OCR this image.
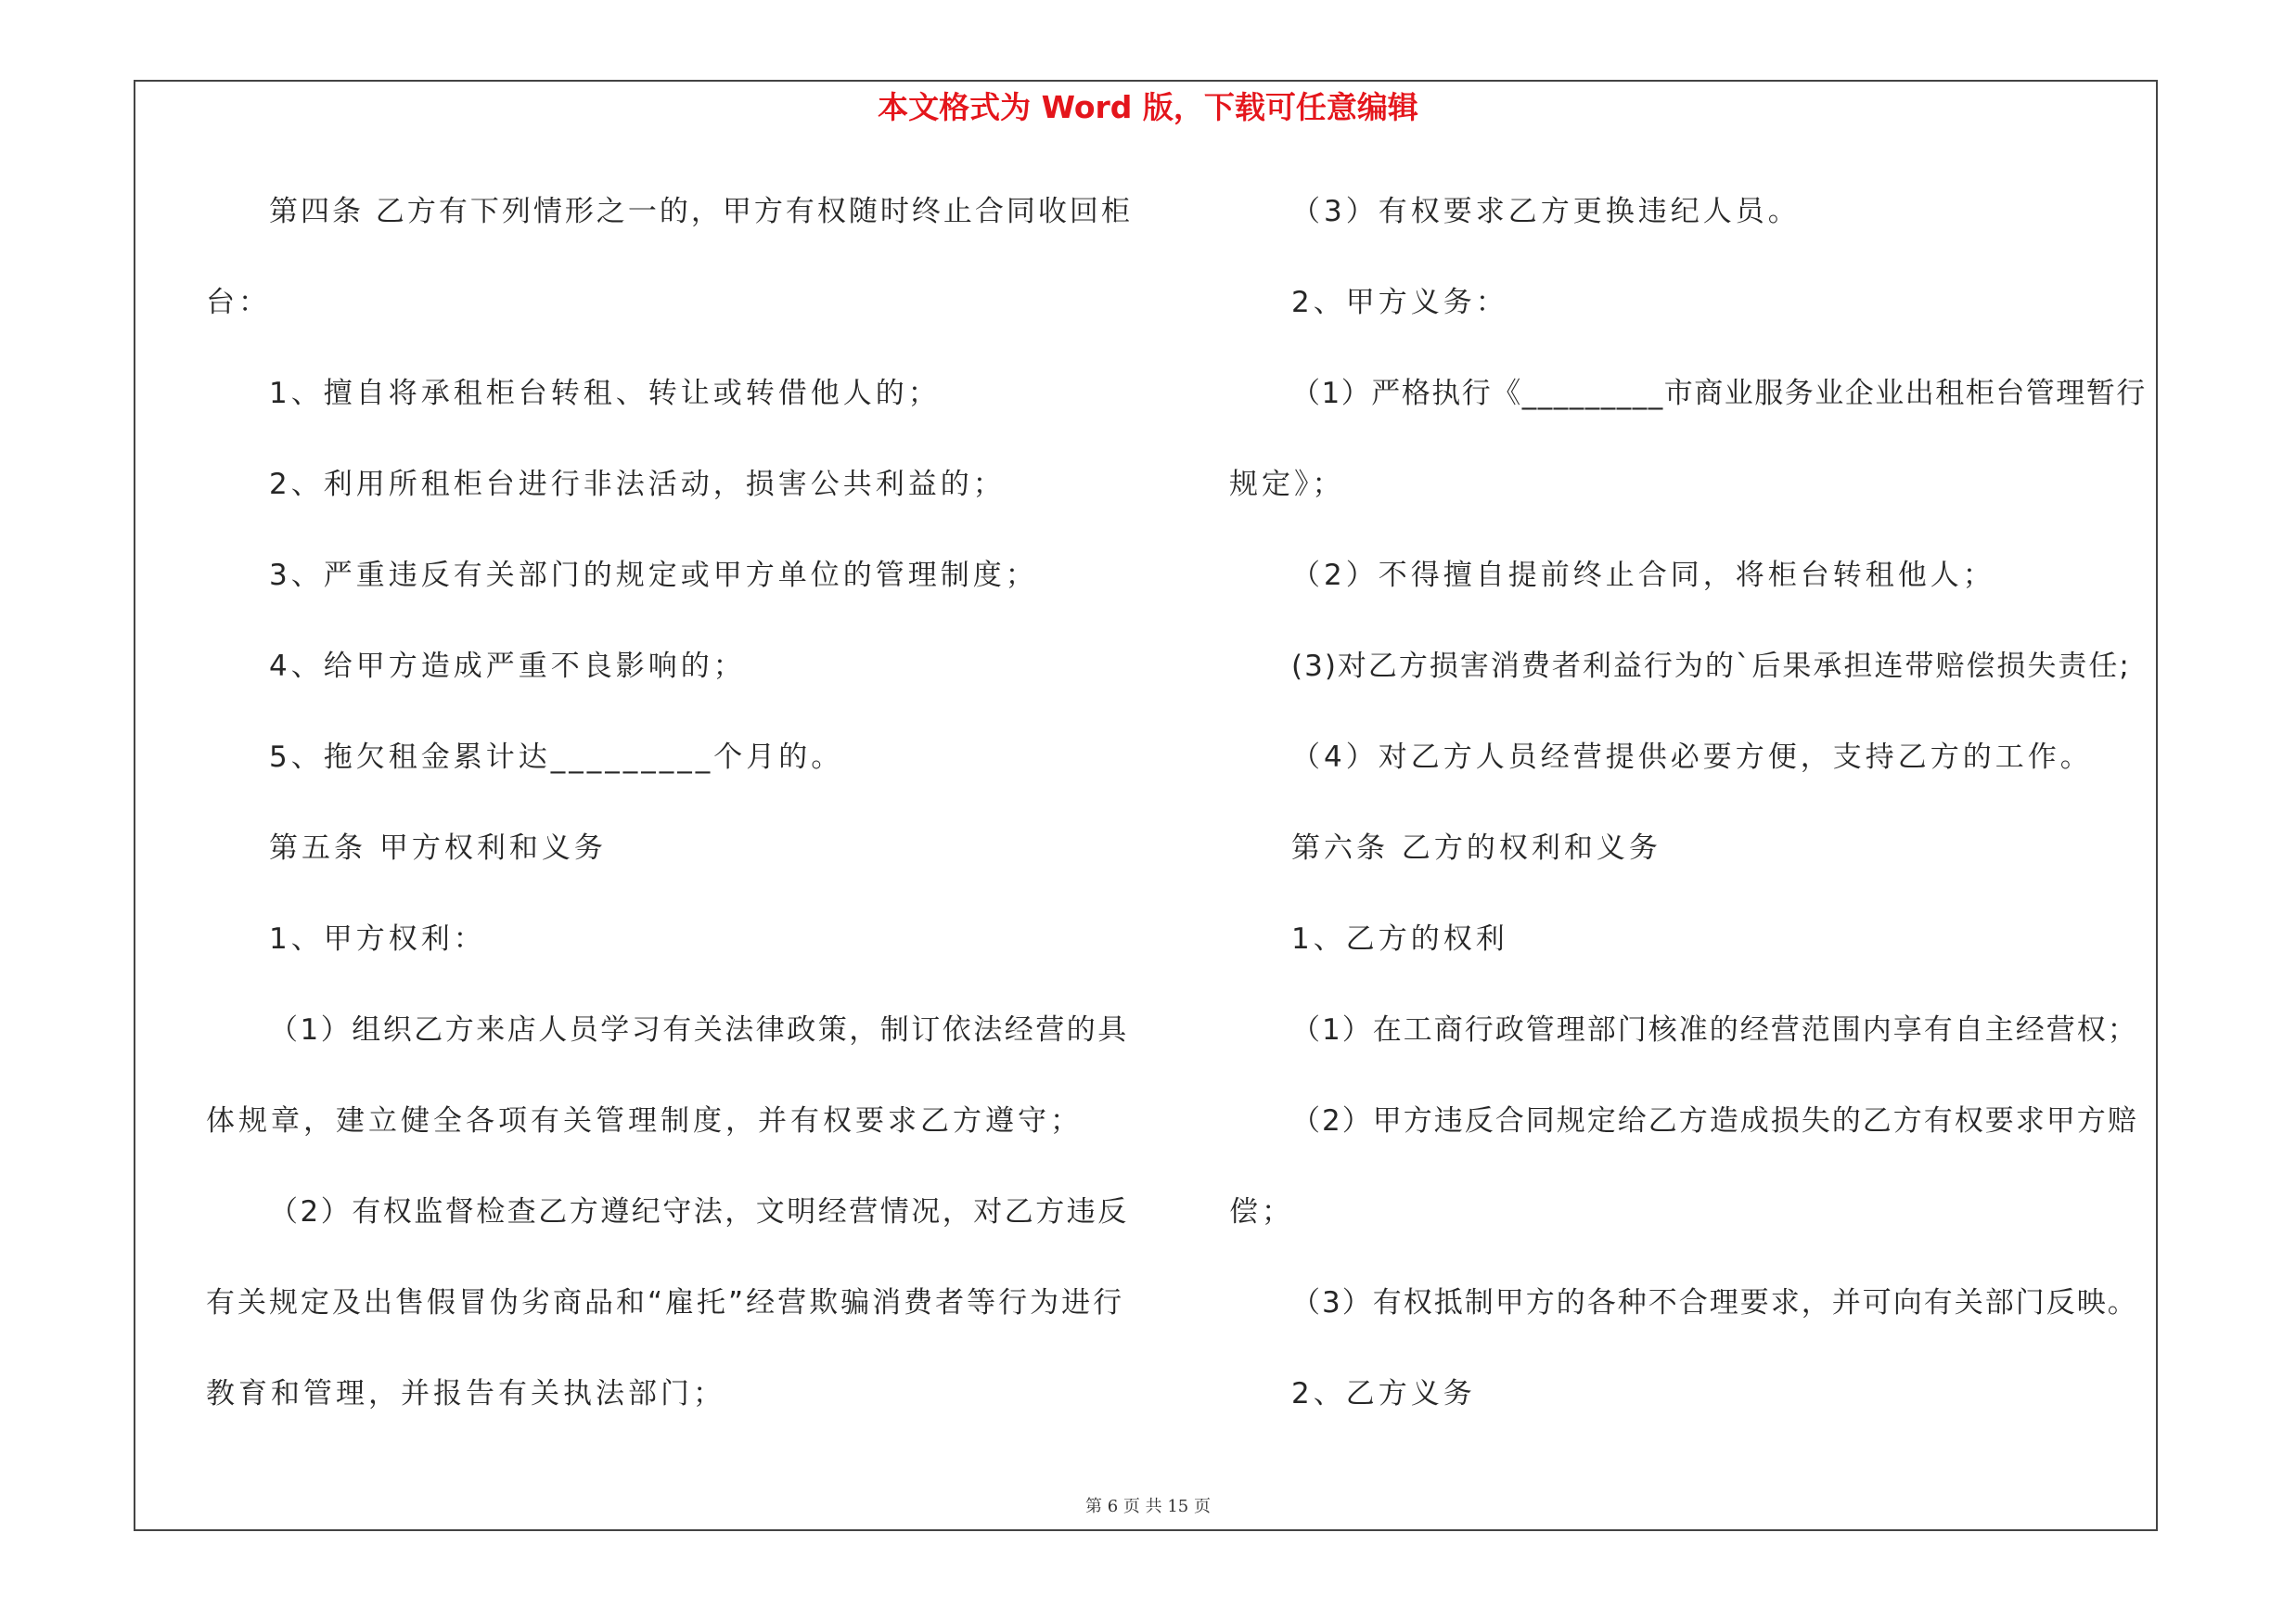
本文格式为 Word 版，下载可任意编辑
第四条 乙方有下列情形之一的，甲方有权随时终止合同收回柜
台：
1、擅自将承租柜台转租、转让或转借他人的；
2、利用所租柜台进行非法活动，损害公共利益的；
3、严重违反有关部门的规定或甲方单位的管理制度；
4、给甲方造成严重不良影响的；
5、拖欠租金累计达_________个月的。
第五条 甲方权利和义务
1、甲方权利：
（1）组织乙方来店人员学习有关法律政策，制订依法经营的具
体规章，建立健全各项有关管理制度，并有权要求乙方遵守；
（2）有权监督检查乙方遵纪守法，文明经营情况，对乙方违反
有关规定及出售假冒伪劣商品和“雇托”经营欺骗消费者等行为进行
教育和管理，并报告有关执法部门；
（3）有权要求乙方更换违纪人员。
2、甲方义务：
（1）严格执行《_________市商业服务业企业出租柜台管理暂行
规定》；
（2）不得擅自提前终止合同，将柜台转租他人；
(3)对乙方损害消费者利益行为的`后果承担连带赔偿损失责任;
（4）对乙方人员经营提供必要方便，支持乙方的工作。
第六条 乙方的权利和义务
1、乙方的权利
（1）在工商行政管理部门核准的经营范围内享有自主经营权；
（2）甲方违反合同规定给乙方造成损失的乙方有权要求甲方赔
偿；
（3）有权抵制甲方的各种不合理要求，并可向有关部门反映。
2、乙方义务
第 6 页 共 15 页
